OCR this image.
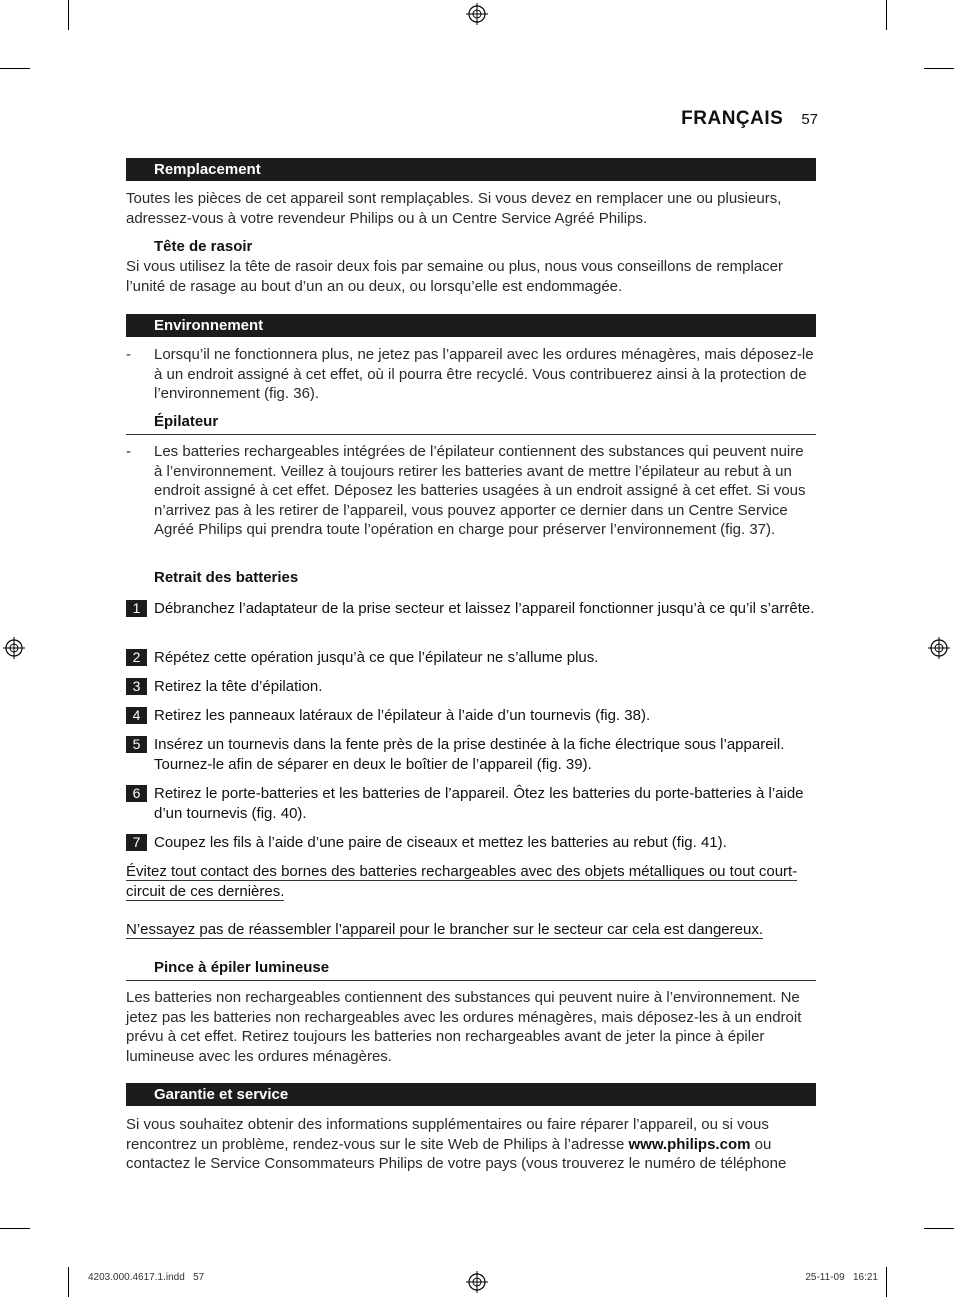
FRANÇAIS 57
Remplacement
Toutes les pièces de cet appareil sont remplaçables. Si vous devez en remplacer une ou plusieurs, adressez-vous à votre revendeur Philips ou à un Centre Service Agréé Philips.
Tête de rasoir
Si vous utilisez la tête de rasoir deux fois par semaine ou plus, nous vous conseillons de remplacer l’unité de rasage au bout d’un an ou deux, ou lorsqu’elle est endommagée.
Environnement
- Lorsqu’il ne fonctionnera plus, ne jetez pas l’appareil avec les ordures ménagères, mais déposez-le à un endroit assigné à cet effet, où il pourra être recyclé. Vous contribuerez ainsi à la protection de l’environnement (fig. 36).
Épilateur
- Les batteries rechargeables intégrées de l’épilateur contiennent des substances qui peuvent nuire à l’environnement. Veillez à toujours retirer les batteries avant de mettre l’épilateur au rebut à un endroit assigné à cet effet. Déposez les batteries usagées à un endroit assigné à cet effet. Si vous n’arrivez pas à les retirer de l’appareil, vous pouvez apporter ce dernier dans un Centre Service Agréé Philips qui prendra toute l’opération en charge pour préserver l’environnement (fig. 37).
Retrait des batteries
1 Débranchez l’adaptateur de la prise secteur et laissez l’appareil fonctionner jusqu’à ce qu’il s’arrête.
2 Répétez cette opération jusqu’à ce que l’épilateur ne s’allume plus.
3 Retirez la tête d’épilation.
4 Retirez les panneaux latéraux de l’épilateur à l’aide d’un tournevis (fig. 38).
5 Insérez un tournevis dans la fente près de la prise destinée à la fiche électrique sous l’appareil. Tournez-le afin de séparer en deux le boîtier de l’appareil (fig. 39).
6 Retirez le porte-batteries et les batteries de l’appareil. Ôtez les batteries du porte-batteries à l’aide d’un tournevis (fig. 40).
7 Coupez les fils à l’aide d’une paire de ciseaux et mettez les batteries au rebut (fig. 41).
Évitez tout contact des bornes des batteries rechargeables avec des objets métalliques ou tout court-circuit de ces dernières.
N’essayez pas de réassembler l’appareil pour le brancher sur le secteur car cela est dangereux.
Pince à épiler lumineuse
Les batteries non rechargeables contiennent des substances qui peuvent nuire à l’environnement. Ne jetez pas les batteries non rechargeables avec les ordures ménagères, mais déposez-les à un endroit prévu à cet effet. Retirez toujours les batteries non rechargeables avant de jeter la pince à épiler lumineuse avec les ordures ménagères.
Garantie et service
Si vous souhaitez obtenir des informations supplémentaires ou faire réparer l’appareil, ou si vous rencontrez un problème, rendez-vous sur le site Web de Philips à l’adresse www.philips.com ou contactez le Service Consommateurs Philips de votre pays (vous trouverez le numéro de téléphone
4203.000.4617.1.indd   57	25-11-09   16:21
